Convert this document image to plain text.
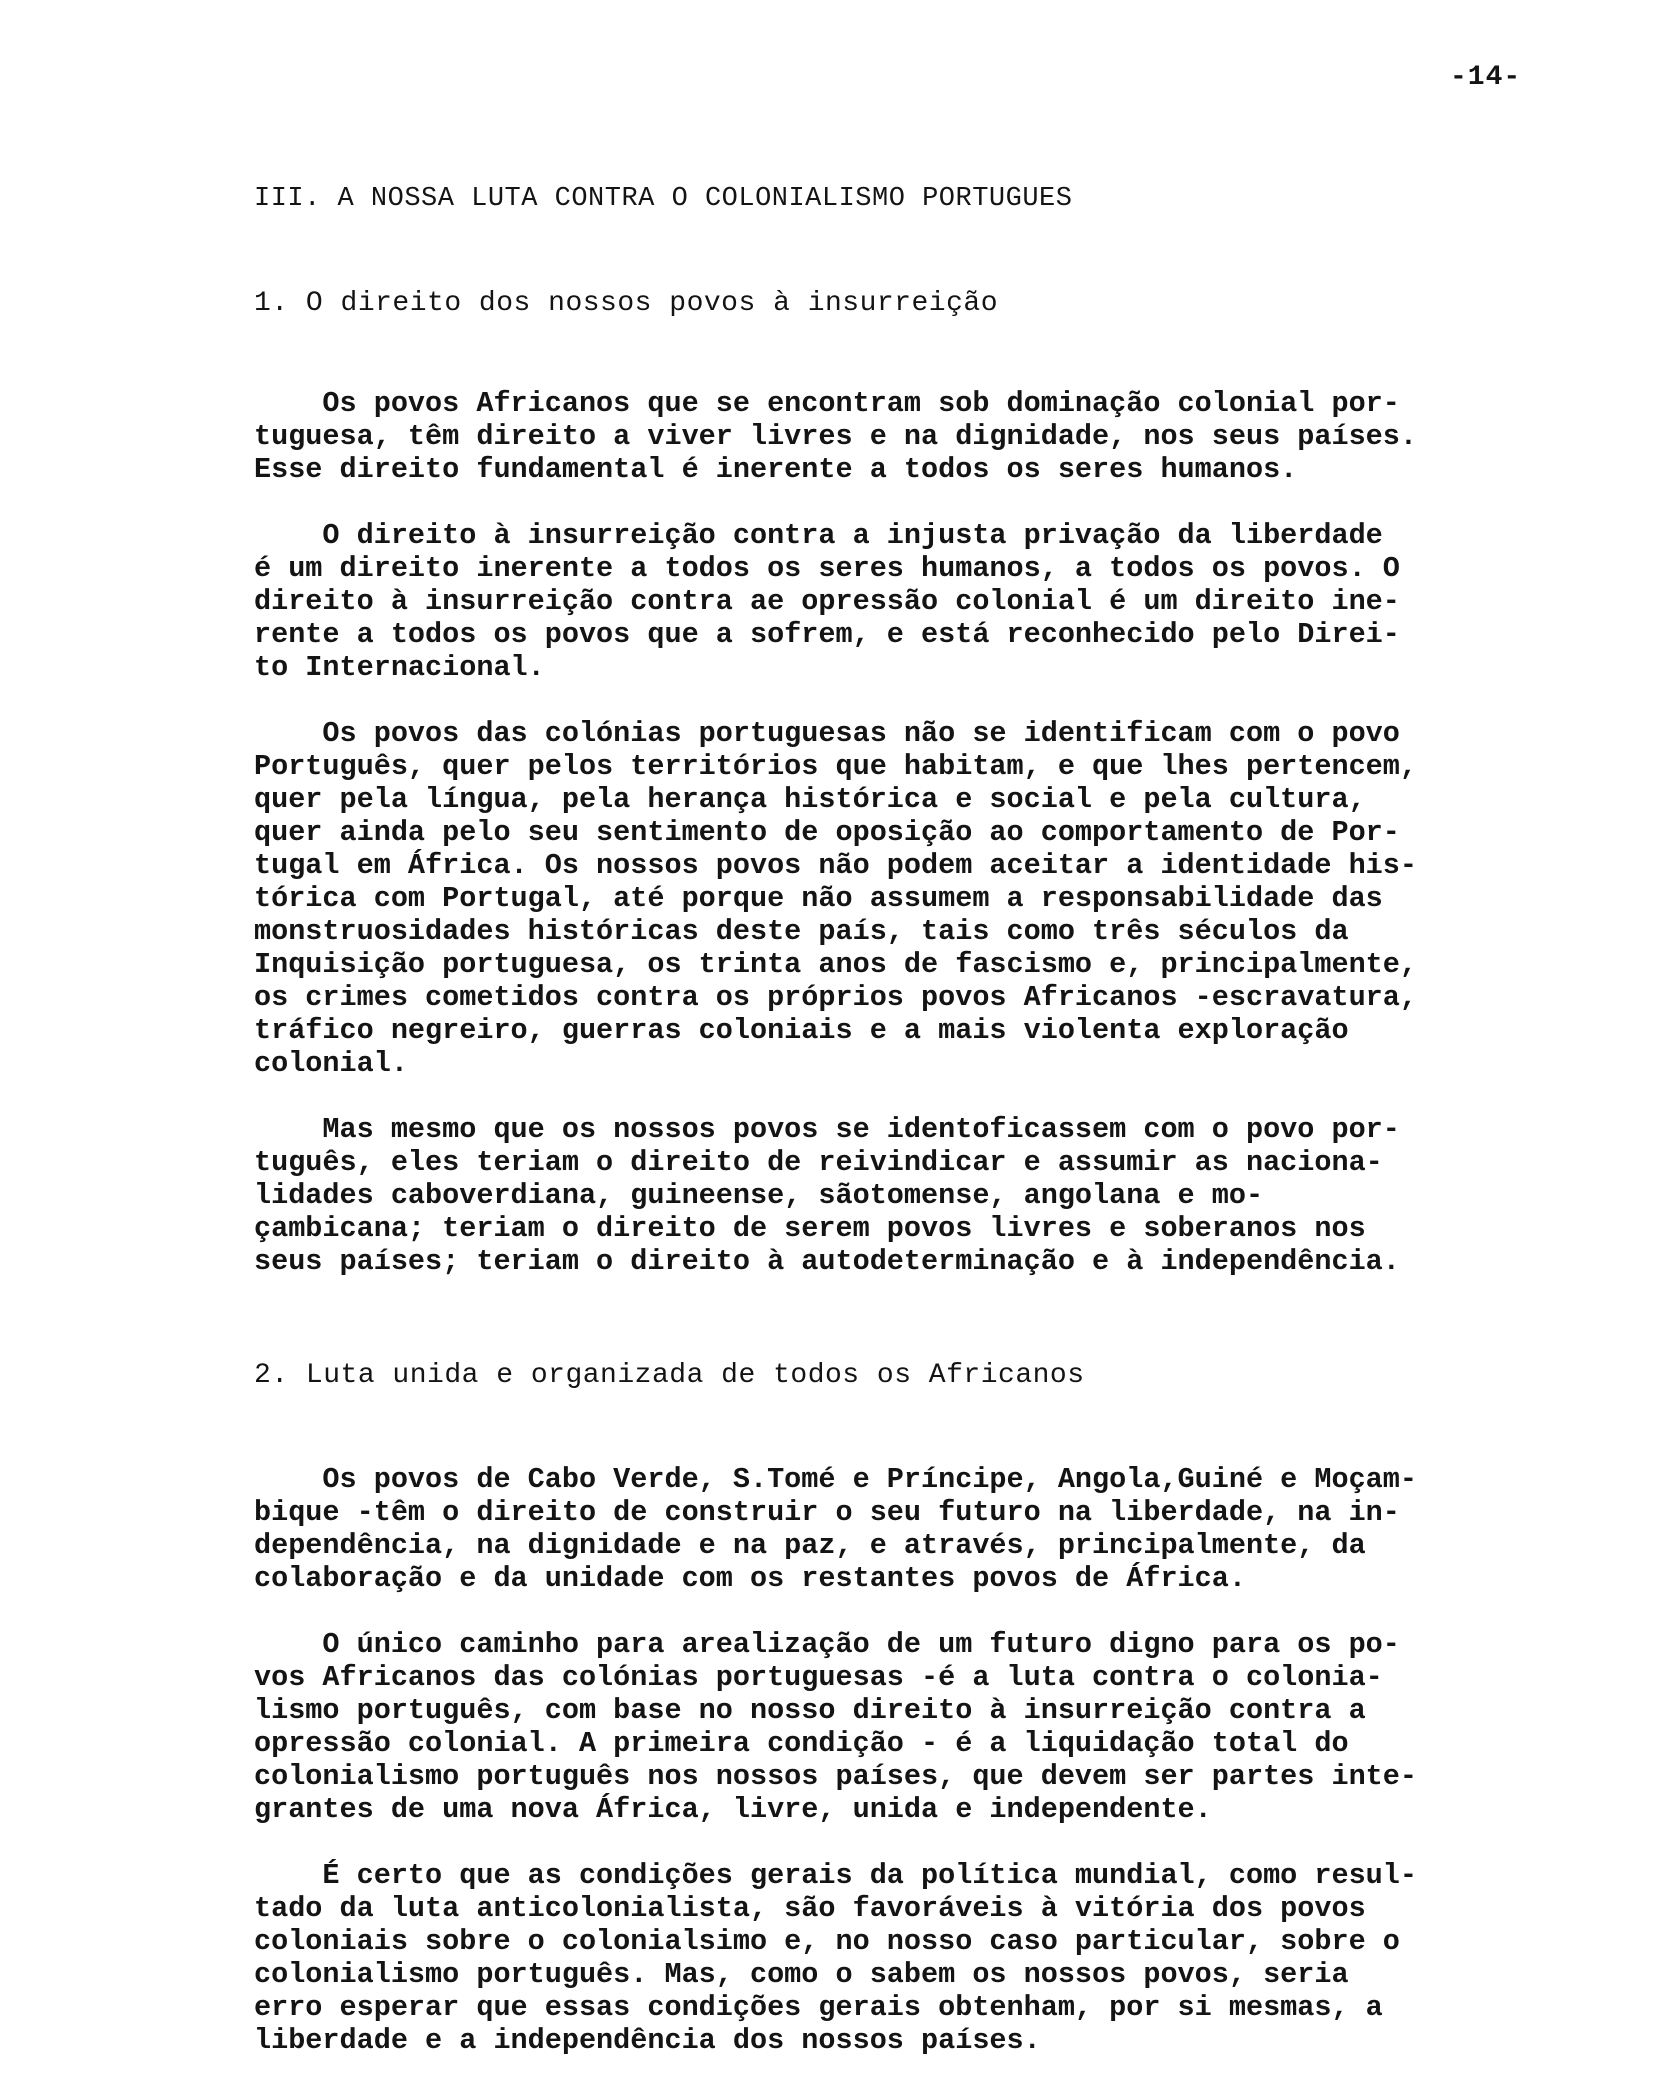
-14-
III. A NOSSA LUTA CONTRA O COLONIALISMO PORTUGUES

1. O direito dos nossos povos à insurreição

Os povos Africanos que se encontram sob dominação colonial por-
tuguesa, têm direito a viver livres e na dignidade, nos seus países.
Esse direito fundamental é inerente a todos os seres humanos.

O direito à insurreição contra a injusta privação da liberdade
é um direito inerente a todos os seres humanos, a todos os povos. O
direito à insurreição contra ae opressão colonial é um direito ine-
rente a todos os povos que a sofrem, e está reconhecido pelo Direi-
to Internacional.

Os povos das colónias portuguesas não se identificam com o povo
Português, quer pelos territórios que habitam, e que lhes pertencem,
quer pela língua, pela herança histórica e social e pela cultura,
quer ainda pelo seu sentimento de oposição ao comportamento de Por-
tugal em África. Os nossos povos não podem aceitar a identidade his-
tórica com Portugal, até porque não assumem a responsabilidade das
monstruosidades históricas deste país, tais como três séculos da
Inquisição portuguesa, os trinta anos de fascismo e, principalmente,
os crimes cometidos contra os próprios povos Africanos -escravatura,
tráfico negreiro, guerras coloniais e a mais violenta exploração
colonial.

Mas mesmo que os nossos povos se identoficassem com o povo por-
tuguês, eles teriam o direito de reivindicar e assumir as naciona-
lidades caboverdiana, guineense, sãotomense, angolana e mo-
çambicana; teriam o direito de serem povos livres e soberanos nos
seus países; teriam o direito à autodeterminação e à independência.

2. Luta unida e organizada de todos os Africanos

Os povos de Cabo Verde, S.Tomé e Príncipe, Angola,Guiné e Moçam-
bique -têm o direito de construir o seu futuro na liberdade, na in-
dependência, na dignidade e na paz, e através, principalmente, da
colaboração e da unidade com os restantes povos de África.

O único caminho para arealização de um futuro digno para os po-
vos Africanos das colónias portuguesas -é a luta contra o colonia-
lismo português, com base no nosso direito à insurreição contra a
opressão colonial. A primeira condição - é a liquidação total do
colonialismo português nos nossos países, que devem ser partes inte-
grantes de uma nova África, livre, unida e independente.

É certo que as condições gerais da política mundial, como resul-
tado da luta anticolonialista, são favoráveis à vitória dos povos
coloniais sobre o colonialsimo e, no nosso caso particular, sobre o
colonialismo português. Mas, como o sabem os nossos povos, seria
erro esperar que essas condições gerais obtenham, por si mesmas, a
liberdade e a independência dos nossos países.
